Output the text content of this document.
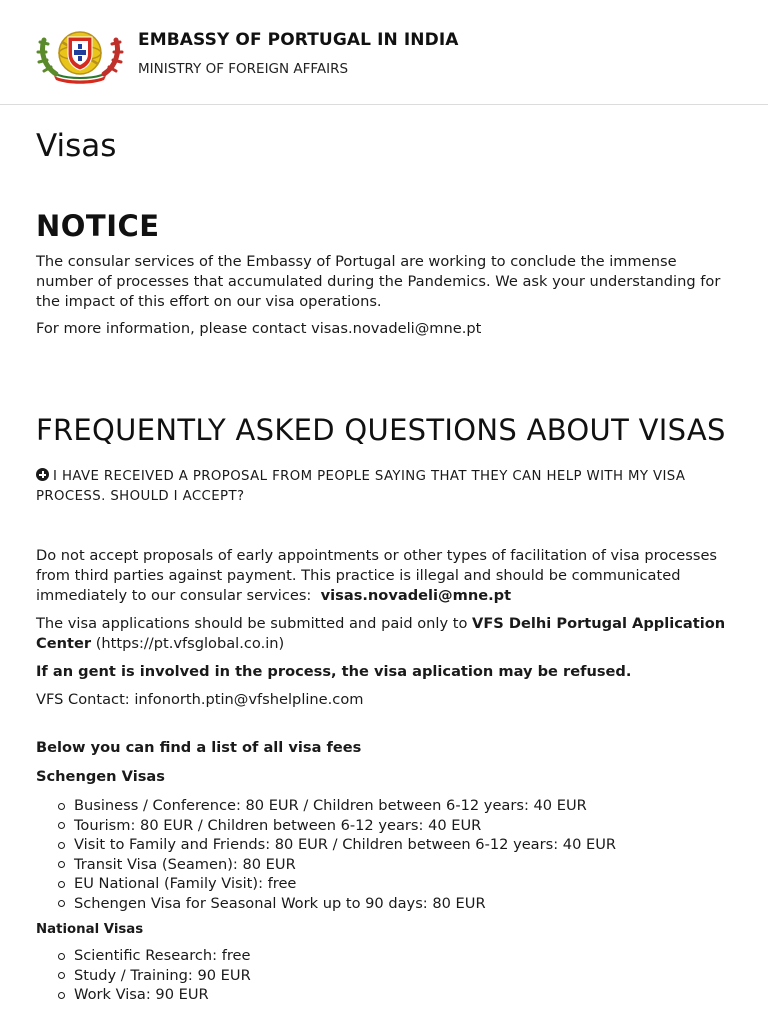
EMBASSY OF PORTUGAL IN INDIA
MINISTRY OF FOREIGN AFFAIRS
Visas
NOTICE

The consular services of the Embassy of Portugal are working to conclude the immense number of processes that accumulated during the Pandemics. We ask your understanding for the impact of this effort on our visa operations.

For more information, please contact visas.novadeli@mne.pt

FREQUENTLY ASKED QUESTIONS ABOUT VISAS
I HAVE RECEIVED A PROPOSAL FROM PEOPLE SAYING THAT THEY CAN HELP WITH MY VISA PROCESS. SHOULD I ACCEPT?

Do not accept proposals of early appointments or other types of facilitation of visa processes from third parties against payment. This practice is illegal and should be communicated immediately to our consular services: visas.novadeli@mne.pt

The visa applications should be submitted and paid only to VFS Delhi Portugal Application Center (https://pt.vfsglobal.co.in)

If an gent is involved in the process, the visa aplication may be refused.

VFS Contact: infonorth.ptin@vfshelpline.com

Below you can find a list of all visa fees
Schengen Visas
Business / Conference: 80 EUR / Children between 6-12 years: 40 EUR
Tourism: 80 EUR / Children between 6-12 years: 40 EUR
Visit to Family and Friends: 80 EUR / Children between 6-12 years: 40 EUR
Transit Visa (Seamen): 80 EUR
EU National (Family Visit): free
Schengen Visa for Seasonal Work up to 90 days: 80 EUR
National Visas
Scientific Research: free
Study / Training: 90 EUR
Work Visa: 90 EUR
